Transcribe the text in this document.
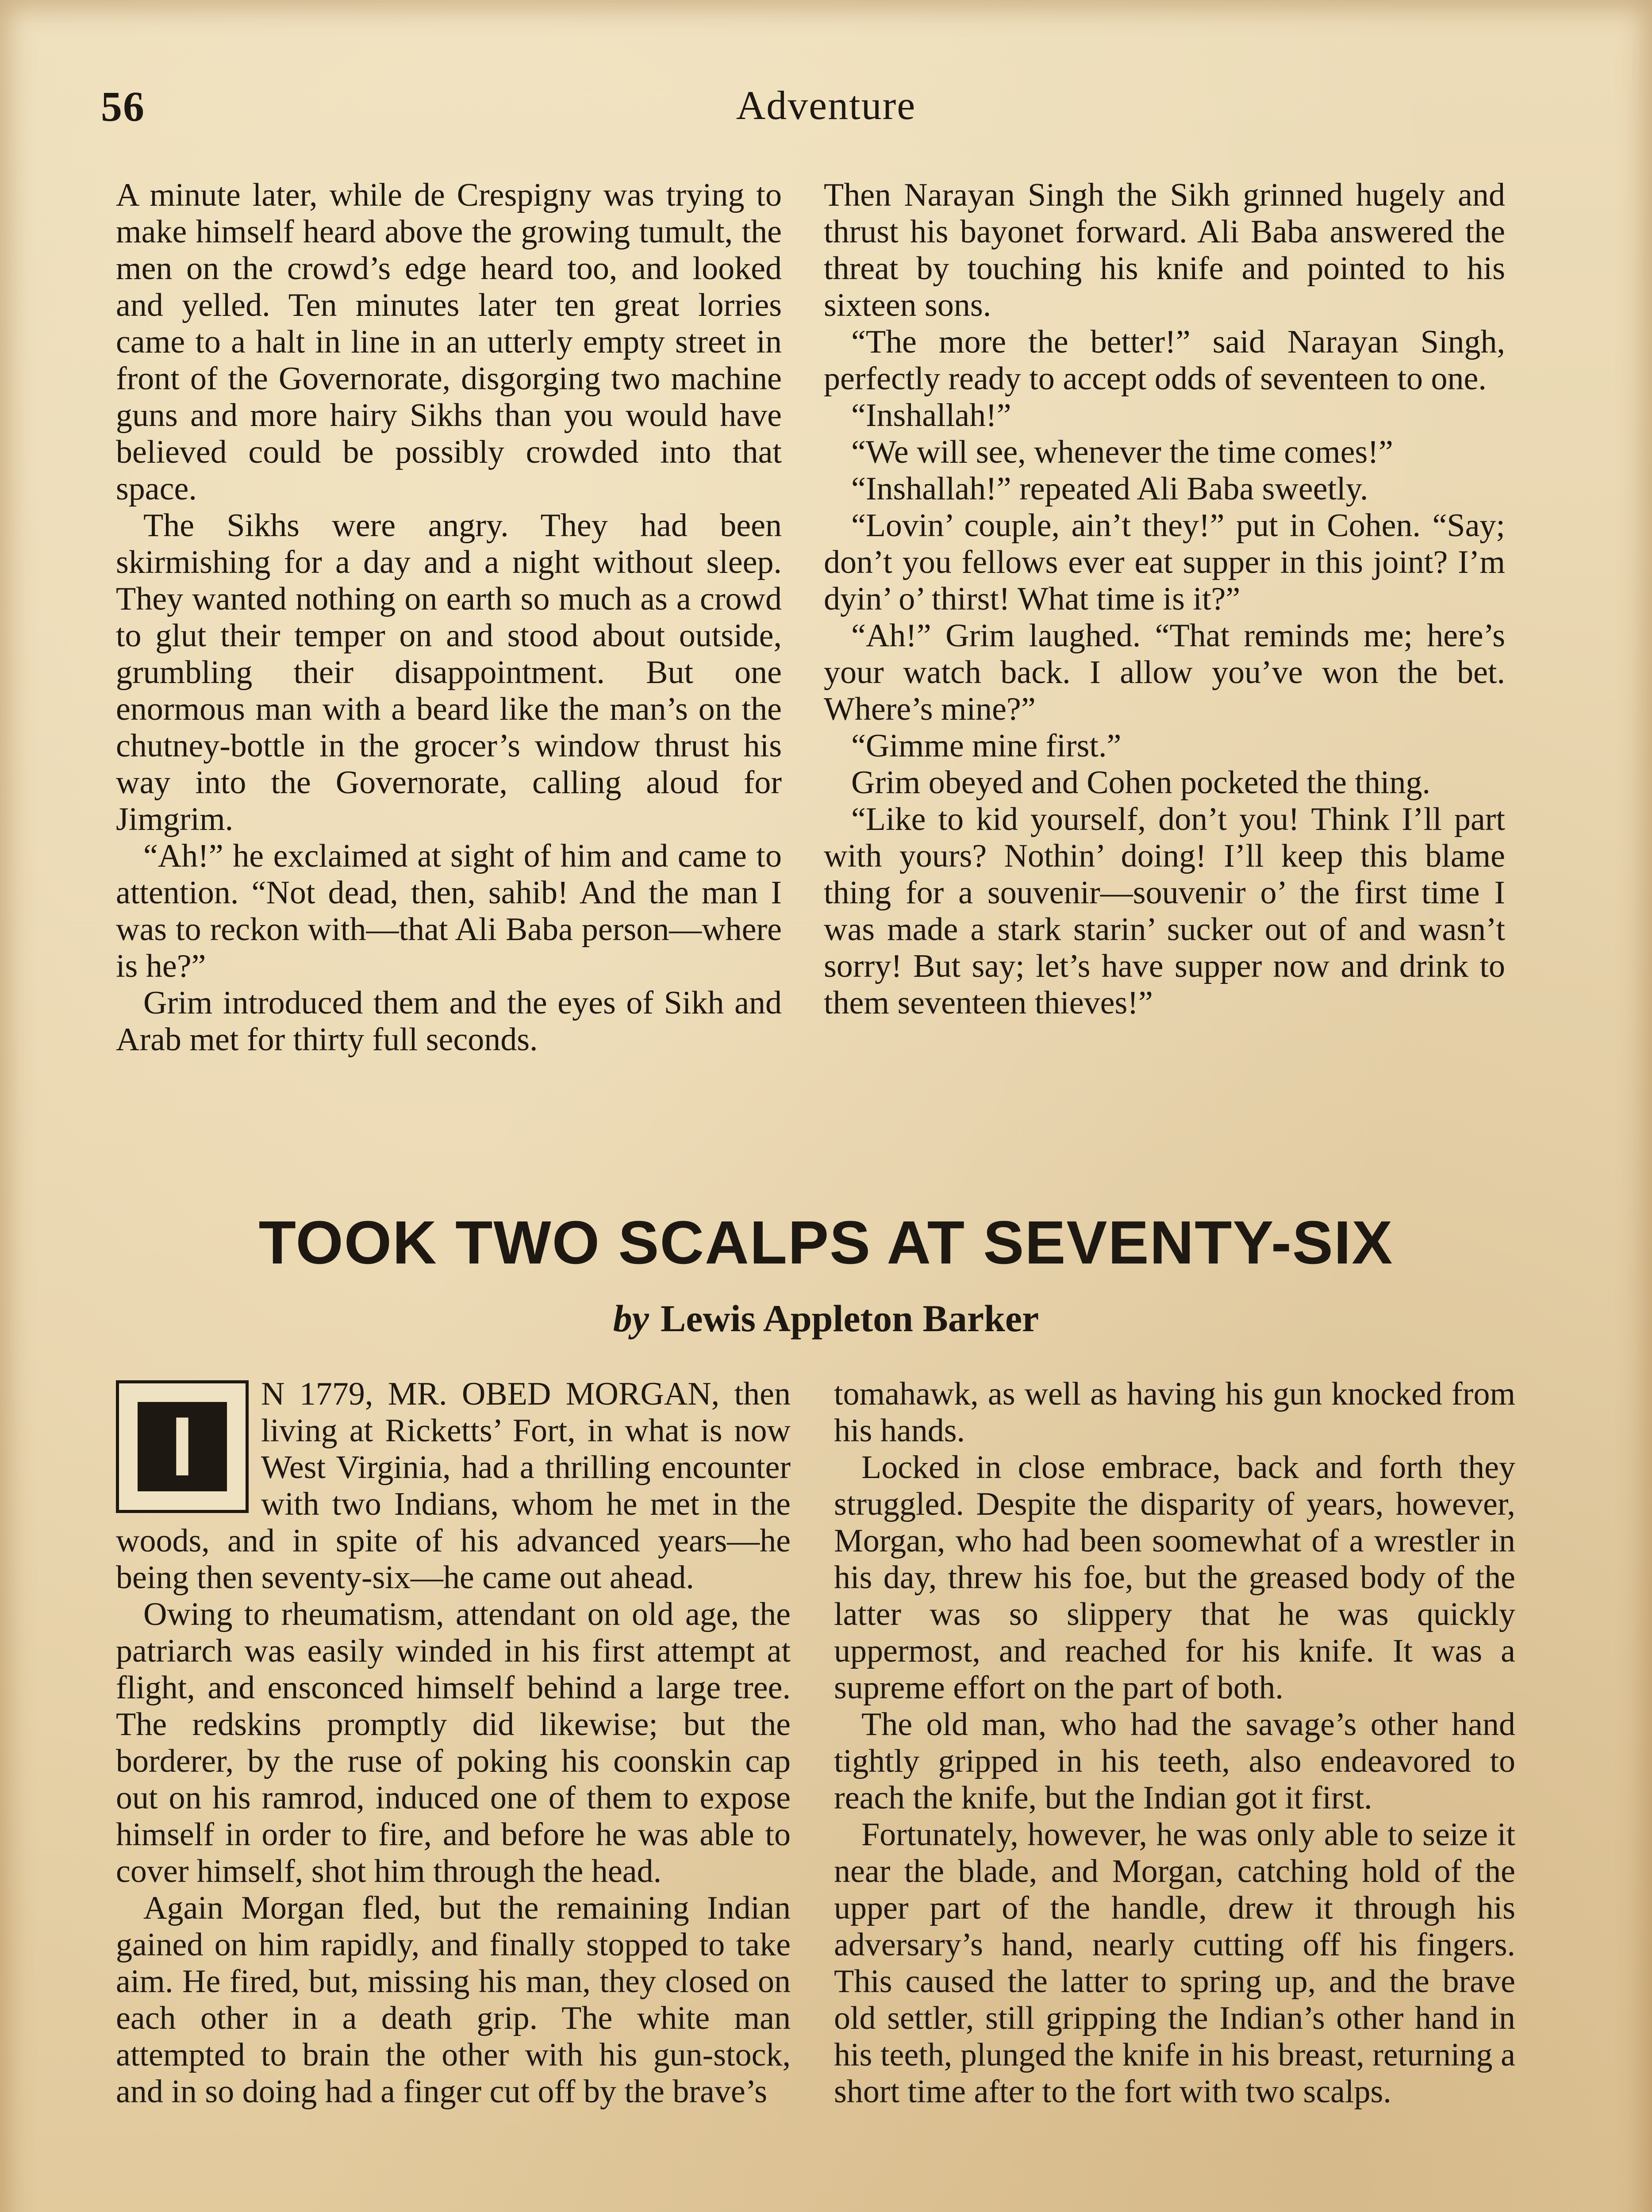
56	Adventure

A minute later, while de Crespigny was trying to make himself heard above the growing tumult, the men on the crowd’s edge heard too, and looked and yelled. Ten minutes later ten great lorries came to a halt in line in an utterly empty street in front of the Governorate, disgorging two machine guns and more hairy Sikhs than you would have believed could be possibly crowded into that space.

The Sikhs were angry. They had been skirmishing for a day and a night without sleep. They wanted nothing on earth so much as a crowd to glut their temper on and stood about outside, grumbling their disappointment. But one enormous man with a beard like the man’s on the chutney-bottle in the grocer’s window thrust his way into the Governorate, calling aloud for Jimgrim.

“Ah!” he exclaimed at sight of him and came to attention. “Not dead, then, sahib! And the man I was to reckon with—that Ali Baba person—where is he?”

Grim introduced them and the eyes of Sikh and Arab met for thirty full seconds.

Then Narayan Singh the Sikh grinned hugely and thrust his bayonet forward. Ali Baba answered the threat by touching his knife and pointed to his sixteen sons.

“The more the better!” said Narayan Singh, perfectly ready to accept odds of seventeen to one.

“Inshallah!”

“We will see, whenever the time comes!”

“Inshallah!” repeated Ali Baba sweetly.

“Lovin’ couple, ain’t they!” put in Cohen. “Say; don’t you fellows ever eat supper in this joint? I’m dyin’ o’ thirst! What time is it?”

“Ah!” Grim laughed. “That reminds me; here’s your watch back. I allow you’ve won the bet. Where’s mine?”

“Gimme mine first.”

Grim obeyed and Cohen pocketed the thing.

“Like to kid yourself, don’t you! Think I’ll part with yours? Nothin’ doing! I’ll keep this blame thing for a souvenir—souvenir o’ the first time I was made a stark starin’ sucker out of and wasn’t sorry! But say; let’s have supper now and drink to them seventeen thieves!”

TOOK TWO SCALPS AT SEVENTY-SIX
by Lewis Appleton Barker
I

N 1779, MR. OBED MORGAN, then living at Ricketts’ Fort, in what is now West Virginia, had a thrilling encounter with two Indians, whom he met in the woods, and in spite of his advanced years—he being then seventy-six—he came out ahead.

Owing to rheumatism, attendant on old age, the patriarch was easily winded in his first attempt at flight, and ensconced himself behind a large tree. The redskins promptly did likewise; but the borderer, by the ruse of poking his coonskin cap out on his ramrod, induced one of them to expose himself in order to fire, and before he was able to cover himself, shot him through the head.

Again Morgan fled, but the remaining Indian gained on him rapidly, and finally stopped to take aim. He fired, but, missing his man, they closed on each other in a death grip. The white man attempted to brain the other with his gun-stock, and in so doing had a finger cut off by the brave’s

tomahawk, as well as having his gun knocked from his hands.

Locked in close embrace, back and forth they struggled. Despite the disparity of years, however, Morgan, who had been soomewhat of a wrestler in his day, threw his foe, but the greased body of the latter was so slippery that he was quickly uppermost, and reached for his knife. It was a supreme effort on the part of both.

The old man, who had the savage’s other hand tightly gripped in his teeth, also endeavored to reach the knife, but the Indian got it first.

Fortunately, however, he was only able to seize it near the blade, and Morgan, catching hold of the upper part of the handle, drew it through his adversary’s hand, nearly cutting off his fingers. This caused the latter to spring up, and the brave old settler, still gripping the Indian’s other hand in his teeth, plunged the knife in his breast, returning a short time after to the fort with two scalps.
